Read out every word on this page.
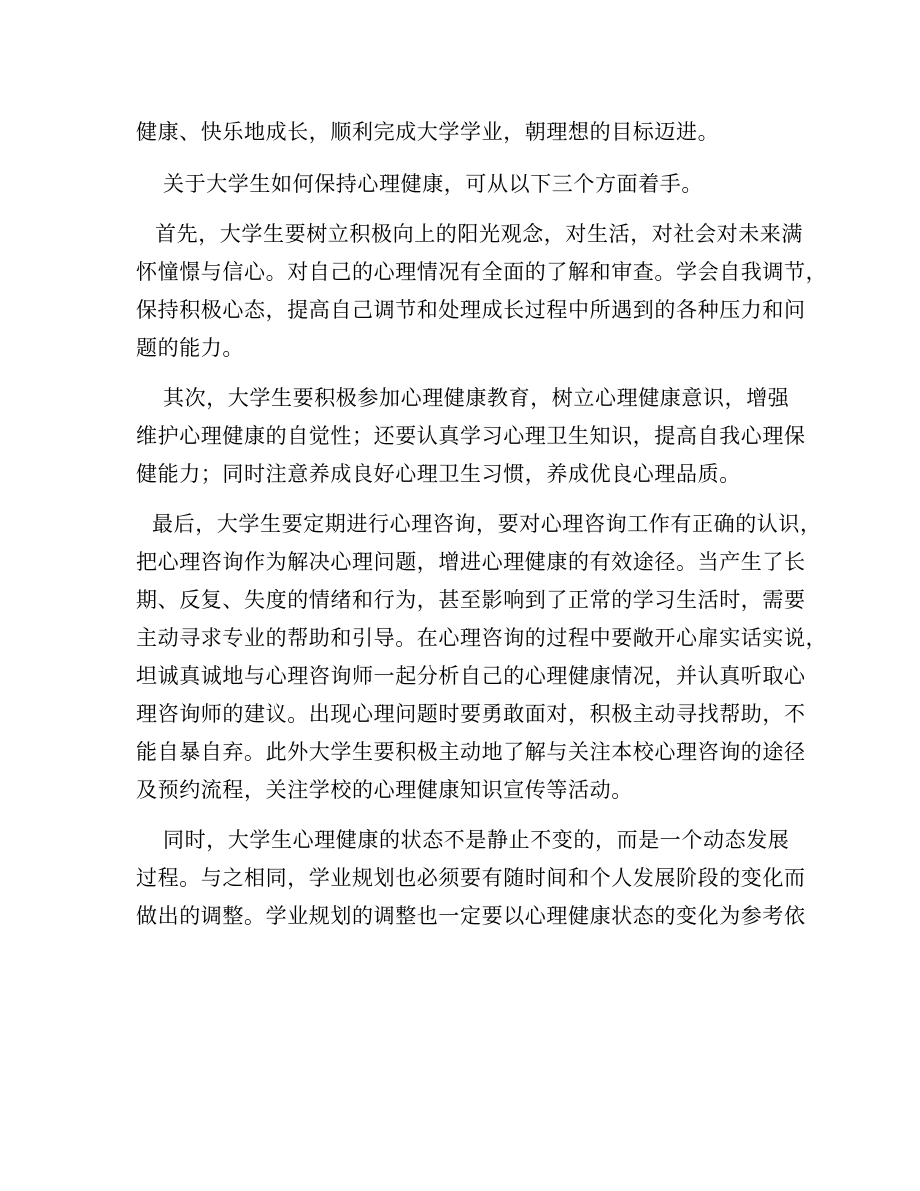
健康、快乐地成长，顺利完成大学学业，朝理想的目标迈进。
关于大学生如何保持心理健康，可从以下三个方面着手。
首先，大学生要树立积极向上的阳光观念，对生活，对社会对未来满
怀憧憬与信心。对自己的心理情况有全面的了解和审查。学会自我调节，
保持积极心态，提高自己调节和处理成长过程中所遇到的各种压力和问
题的能力。
其次，大学生要积极参加心理健康教育，树立心理健康意识，增强
维护心理健康的自觉性；还要认真学习心理卫生知识，提高自我心理保
健能力；同时注意养成良好心理卫生习惯，养成优良心理品质。
最后，大学生要定期进行心理咨询，要对心理咨询工作有正确的认识，
把心理咨询作为解决心理问题，增进心理健康的有效途径。当产生了长
期、反复、失度的情绪和行为，甚至影响到了正常的学习生活时，需要
主动寻求专业的帮助和引导。在心理咨询的过程中要敞开心扉实话实说，
坦诚真诚地与心理咨询师一起分析自己的心理健康情况，并认真听取心
理咨询师的建议。出现心理问题时要勇敢面对，积极主动寻找帮助，不
能自暴自弃。此外大学生要积极主动地了解与关注本校心理咨询的途径
及预约流程，关注学校的心理健康知识宣传等活动。
同时，大学生心理健康的状态不是静止不变的，而是一个动态发展
过程。与之相同，学业规划也必须要有随时间和个人发展阶段的变化而
做出的调整。学业规划的调整也一定要以心理健康状态的变化为参考依
